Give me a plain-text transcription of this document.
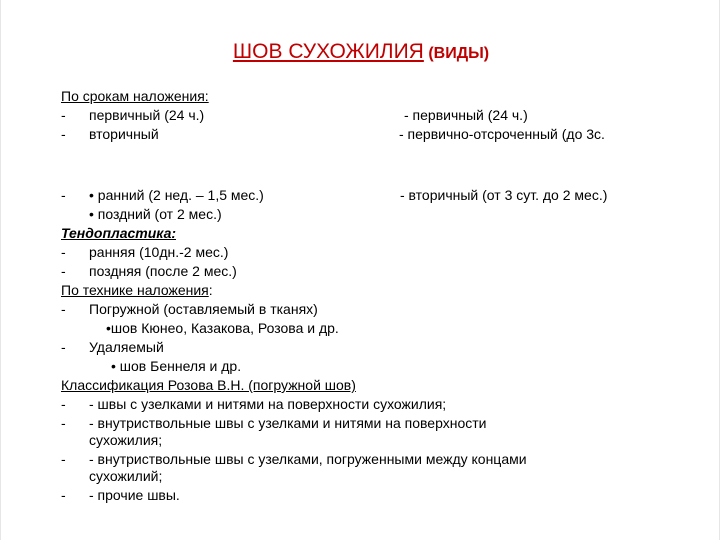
ШОВ СУХОЖИЛИЯ (ВИДЫ)
По срокам наложения:
- первичный (24 ч.)	- первичный (24 ч.)
- вторичный	- первично-отсроченный (до 3с.
- • ранний (2 нед. – 1,5 мес.)	- вторичный (от 3 сут. до 2 мес.)
• поздний (от 2 мес.)
Тендопластика:
- ранняя (10дн.-2 мес.)
- поздняя (после 2 мес.)
По технике наложения:
- Погружной (оставляемый в тканях)
•шов Кюнео, Казакова, Розова и др.
- Удаляемый
• шов Беннеля и др.
Классификация Розова В.Н. (погружной шов)
- - швы с узелками и нитями на поверхности сухожилия;
- - внутриствольные швы с узелками и нитями на поверхности
сухожилия;
- - внутриствольные швы с узелками, погруженными между концами
сухожилий;
- - прочие швы.
